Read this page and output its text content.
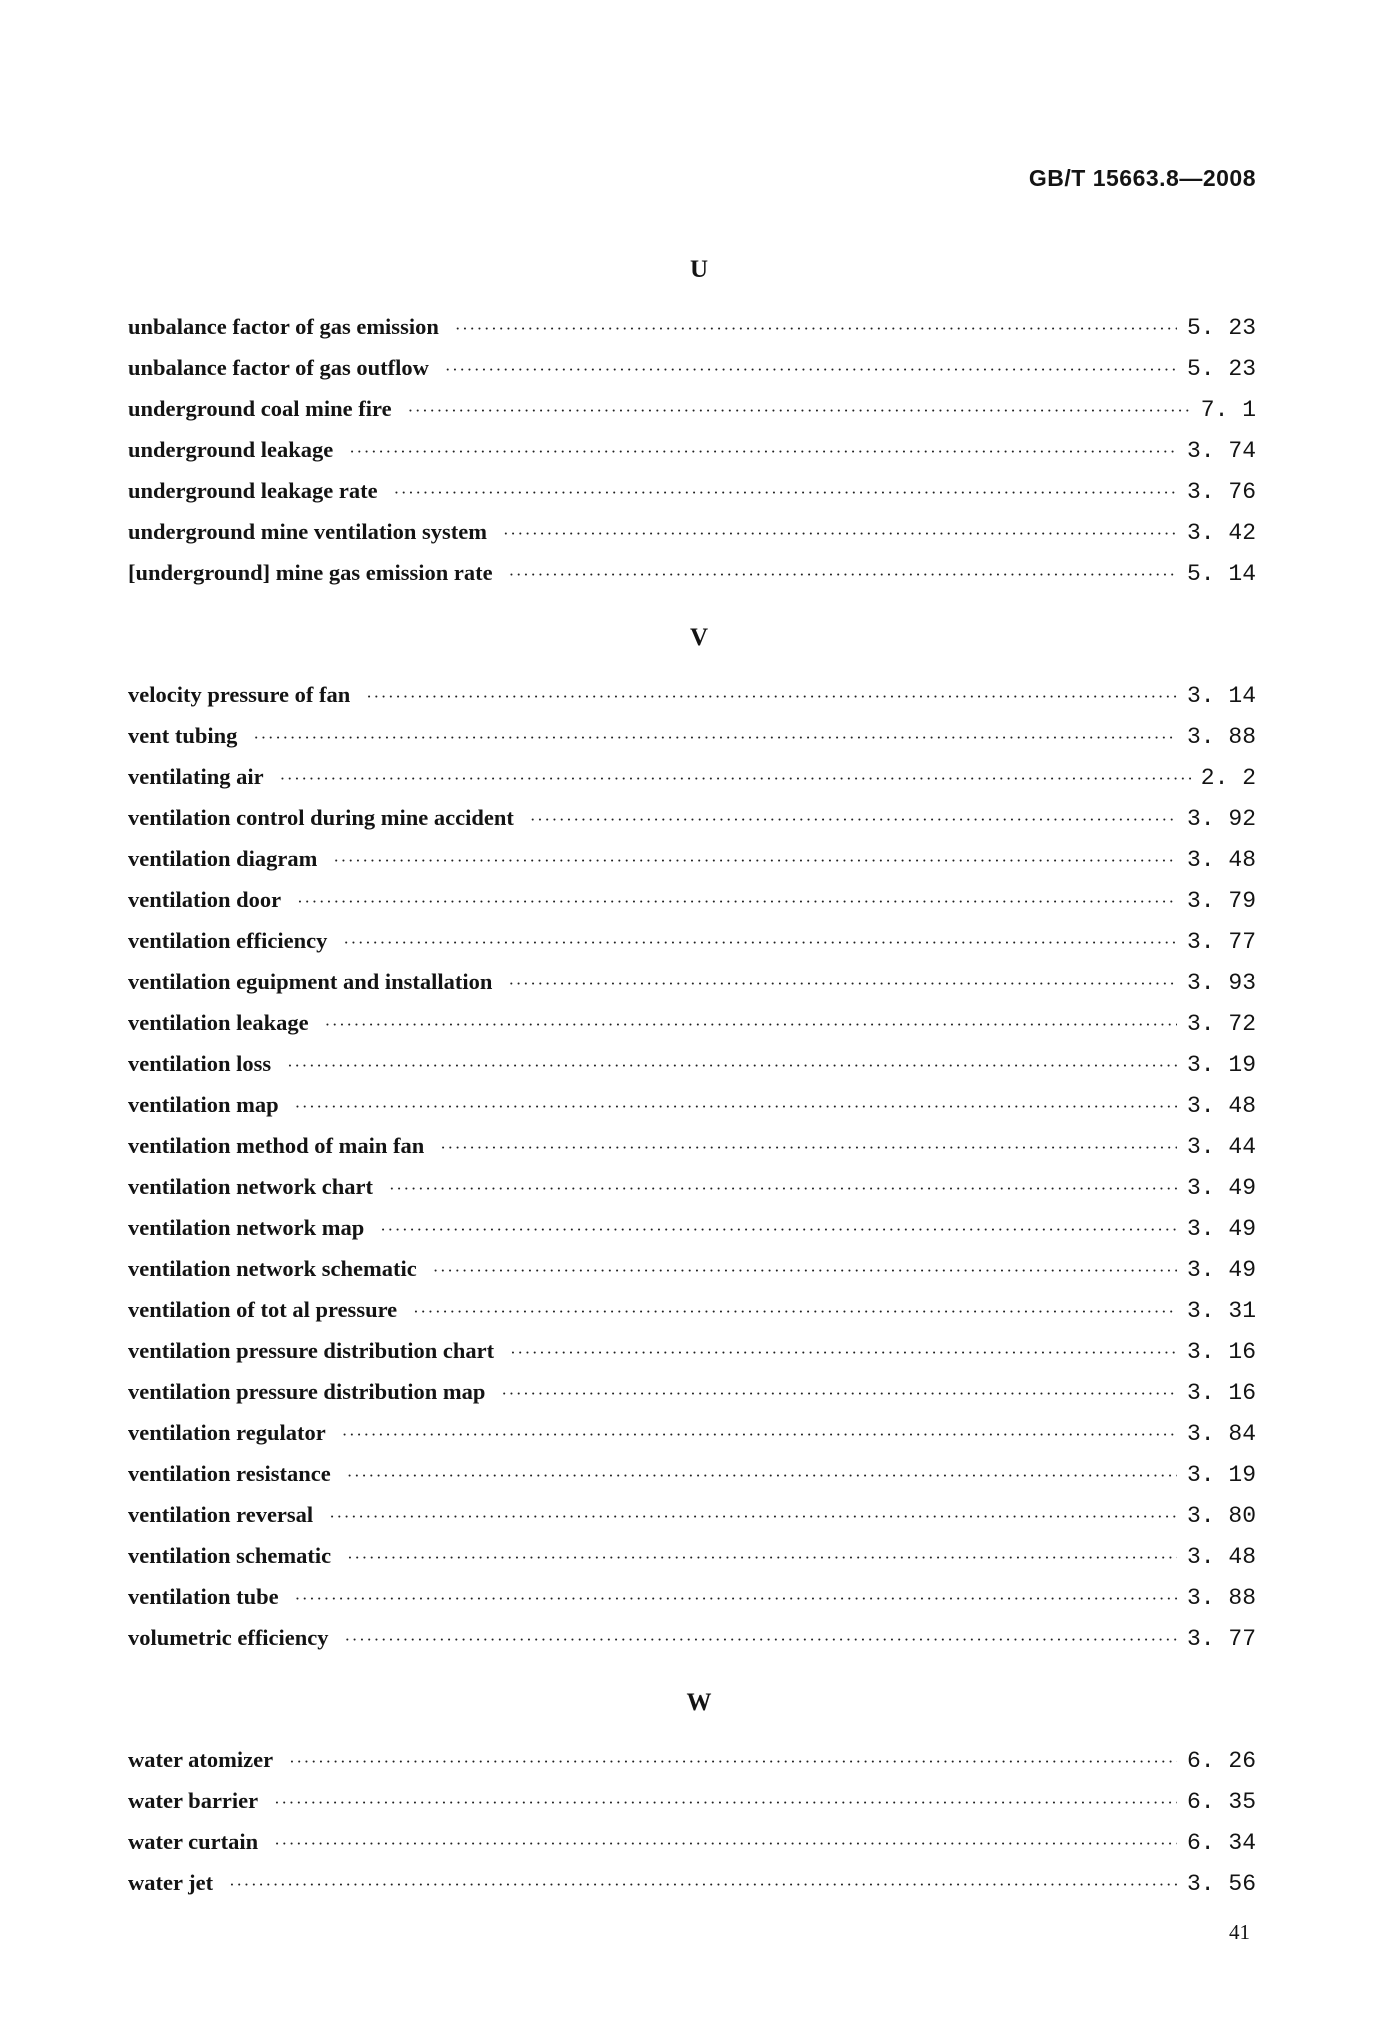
GB/T 15663.8—2008
U
unbalance factor of gas emission ·····	5. 23
unbalance factor of gas outflow ·····	5. 23
underground coal mine fire ·····	7. 1
underground leakage ·····	3. 74
underground leakage rate ·····	3. 76
underground mine ventilation system ·····	3. 42
[underground] mine gas emission rate ·····	5. 14
V
velocity pressure of fan ·····	3. 14
vent tubing ·····	3. 88
ventilating air ·····	2. 2
ventilation control during mine accident ·····	3. 92
ventilation diagram ·····	3. 48
ventilation door ·····	3. 79
ventilation efficiency ·····	3. 77
ventilation eguipment and installation ·····	3. 93
ventilation leakage ·····	3. 72
ventilation loss ·····	3. 19
ventilation map ·····	3. 48
ventilation method of main fan ·····	3. 44
ventilation network chart ·····	3. 49
ventilation network map ·····	3. 49
ventilation network schematic ·····	3. 49
ventilation of tot al pressure ·····	3. 31
ventilation pressure distribution chart ·····	3. 16
ventilation pressure distribution map ·····	3. 16
ventilation regulator ·····	3. 84
ventilation resistance ·····	3. 19
ventilation reversal ·····	3. 80
ventilation schematic ·····	3. 48
ventilation tube ·····	3. 88
volumetric efficiency ·····	3. 77
W
water atomizer ·····	6. 26
water barrier ·····	6. 35
water curtain ·····	6. 34
water jet ·····	3. 56
41
